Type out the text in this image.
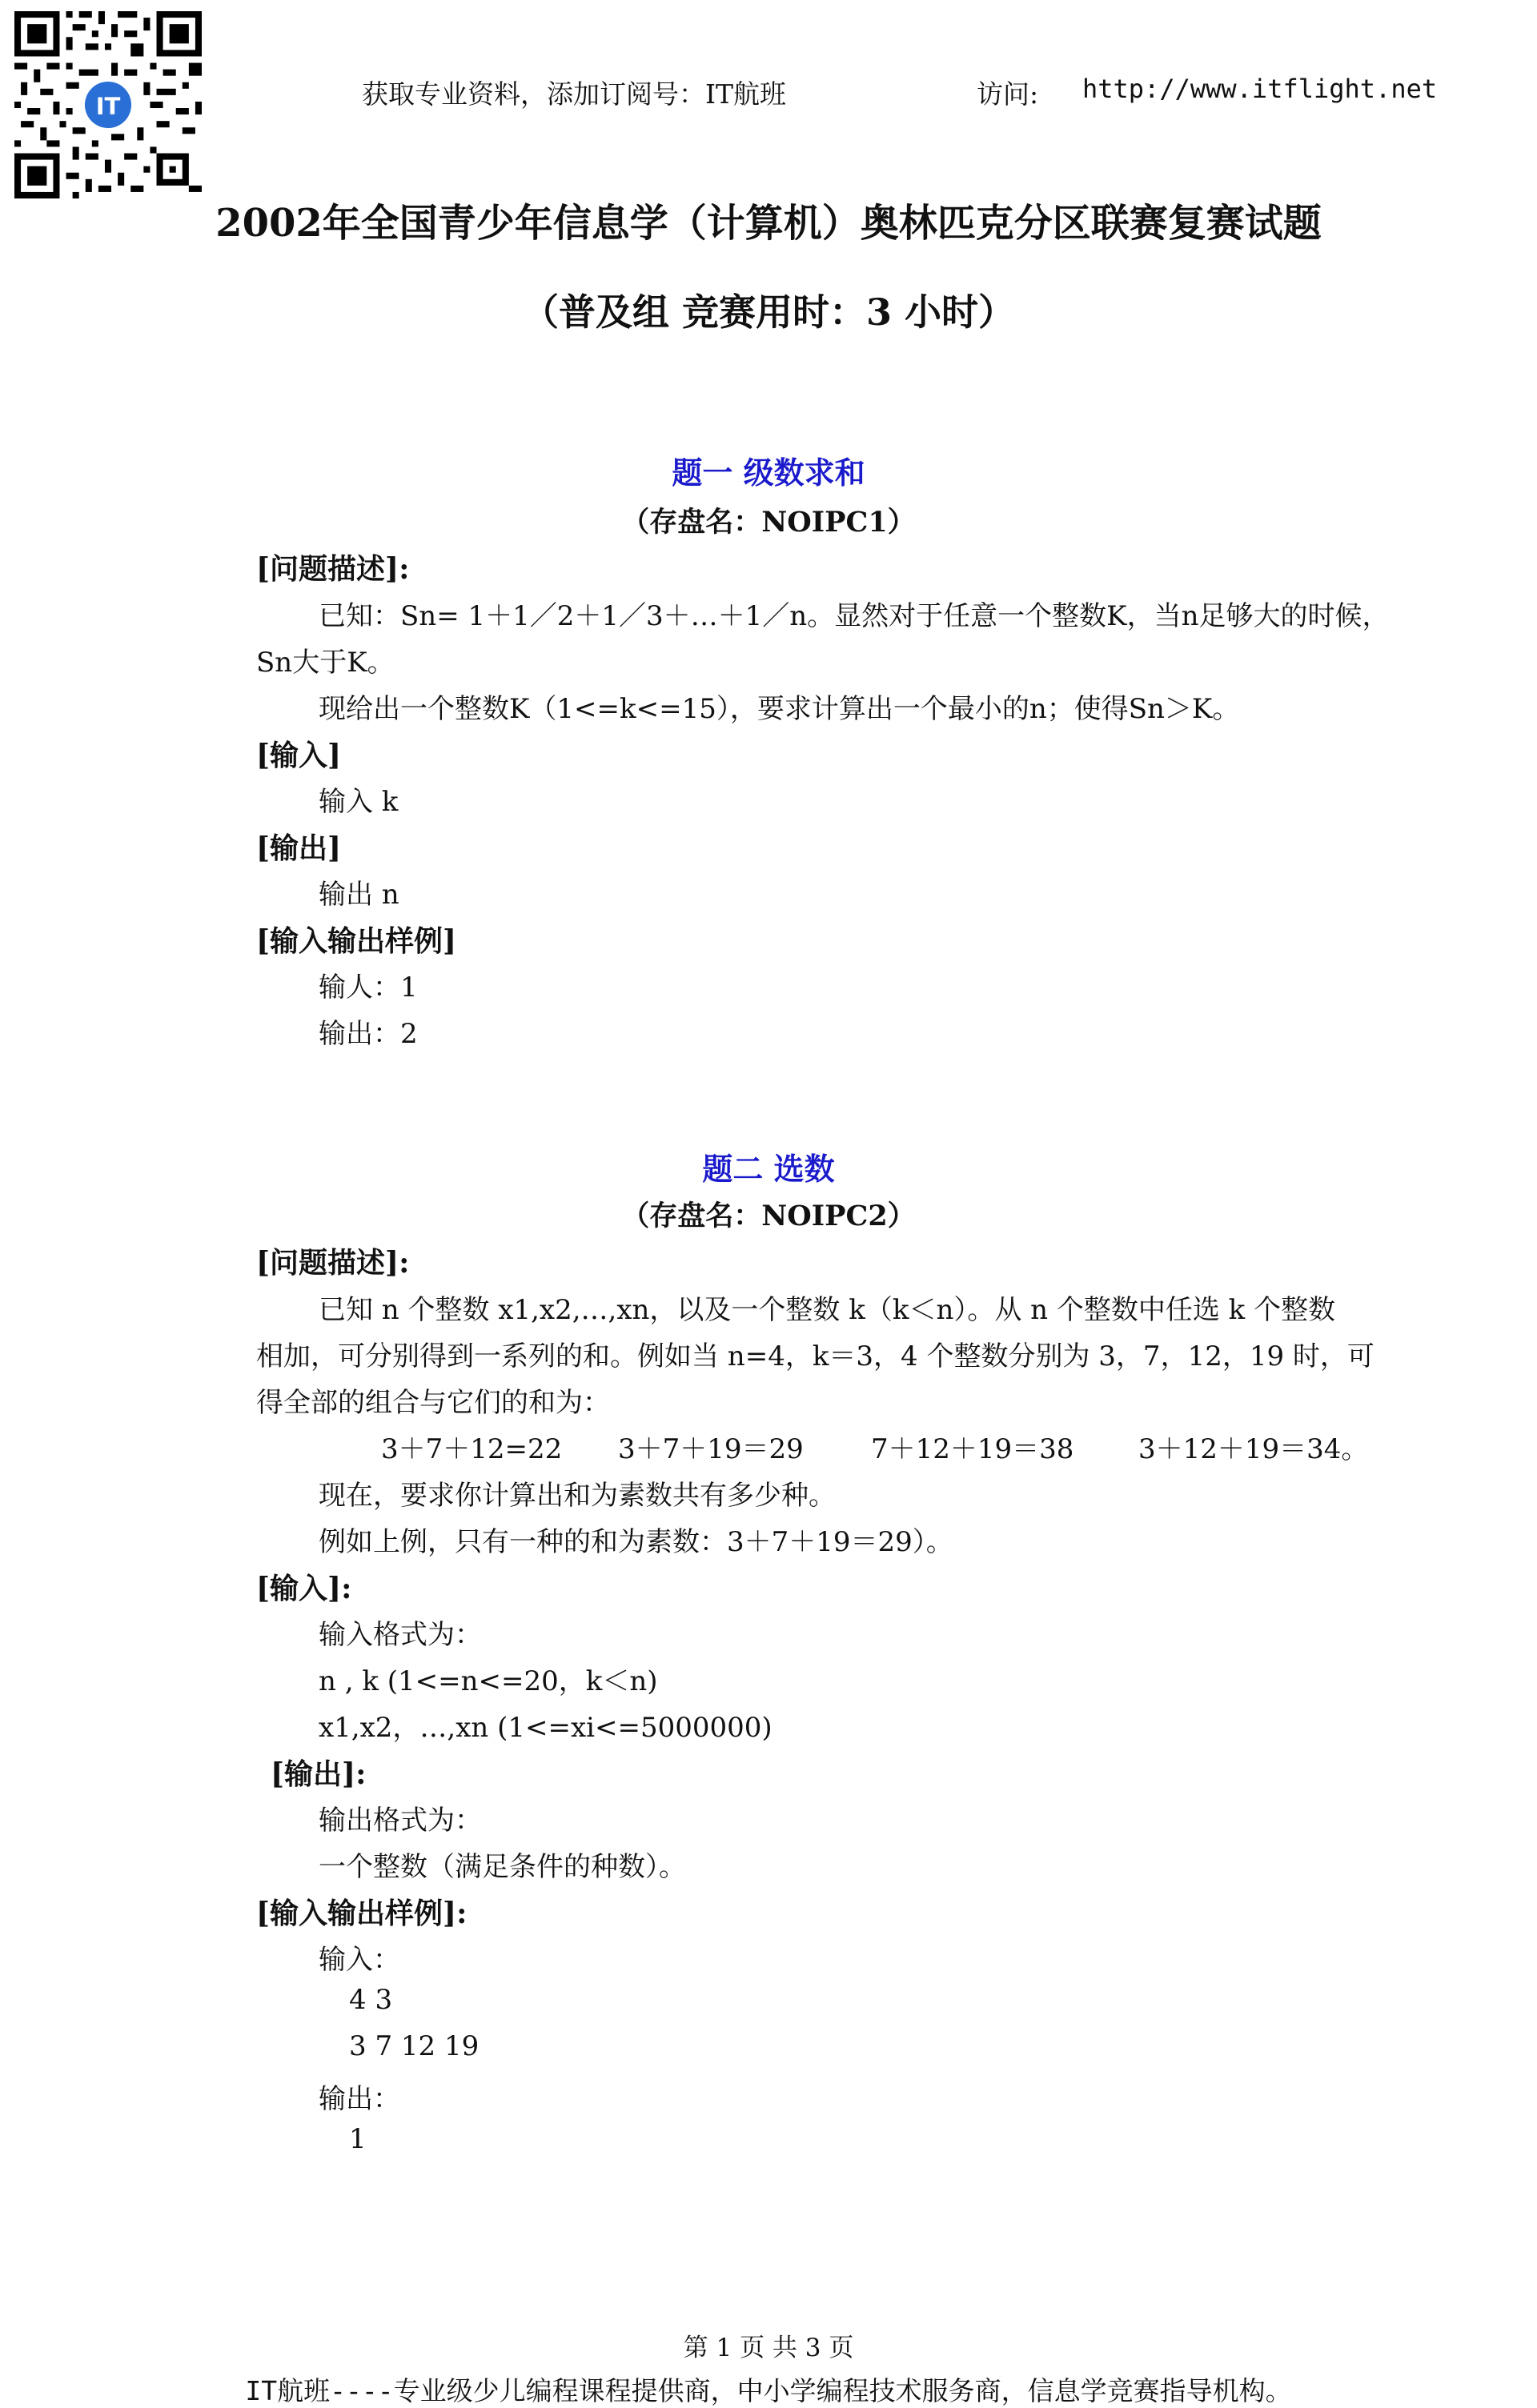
IT	获取专业资料，添加订阅号：IT航班	访问: http://www.itflight.net
2002年全国青少年信息学（计算机）奥林匹克分区联赛复赛试题
（普及组 竞赛用时：3 小时）
题一 级数求和
（存盘名：NOIPC1）
[问题描述]:
已知：Sn= 1＋1／2＋1／3＋…＋1／n。显然对于任意一个整数K，当n足够大的时候，
Sn大于K。
现给出一个整数K（1<=k<=15），要求计算出一个最小的n；使得Sn＞K。
[输入]
输入 k
[输出]
输出 n
[输入输出样例]
输人：1
输出：2
题二 选数
（存盘名：NOIPC2）
[问题描述]:
已知 n 个整数 x1,x2,…,xn，以及一个整数 k（k＜n）。从 n 个整数中任选 k 个整数
相加，可分别得到一系列的和。例如当 n=4，k＝3，4 个整数分别为 3，7，12，19 时，可
得全部的组合与它们的和为：
3＋7＋12=22 3＋7＋19＝29 7＋12＋19＝38 3＋12＋19＝34。
现在，要求你计算出和为素数共有多少种。
例如上例，只有一种的和为素数：3＋7＋19＝29）。
[输入]:
输入格式为：
n , k (1<=n<=20，k＜n)
x1,x2，…,xn (1<=xi<=5000000)
[输出]:
输出格式为：
一个整数（满足条件的种数）。
[输入输出样例]:
输入：
4 3
3 7 12 19
输出：
1
第 1 页 共 3 页
IT航班----专业级少儿编程课程提供商，中小学编程技术服务商，信息学竞赛指导机构。
